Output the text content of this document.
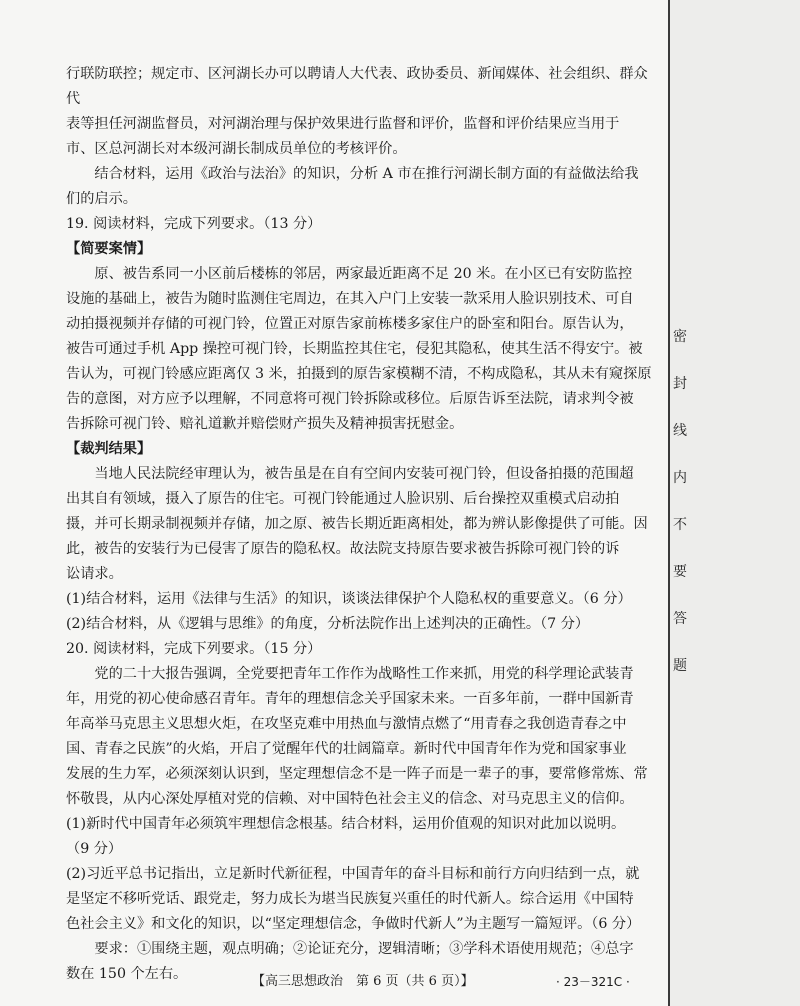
行联防联控；规定市、区河湖长办可以聘请人大代表、政协委员、新闻媒体、社会组织、群众代

表等担任河湖监督员，对河湖治理与保护效果进行监督和评价，监督和评价结果应当用于

市、区总河湖长对本级河湖长制成员单位的考核评价。

结合材料，运用《政治与法治》的知识，分析 A 市在推行河湖长制方面的有益做法给我

们的启示。

19. 阅读材料，完成下列要求。（13 分）

【简要案情】

原、被告系同一小区前后楼栋的邻居，两家最近距离不足 20 米。在小区已有安防监控

设施的基础上，被告为随时监测住宅周边，在其入户门上安装一款采用人脸识别技术、可自

动拍摄视频并存储的可视门铃，位置正对原告家前栋楼多家住户的卧室和阳台。原告认为，

被告可通过手机 App 操控可视门铃，长期监控其住宅，侵犯其隐私，使其生活不得安宁。被

告认为，可视门铃感应距离仅 3 米，拍摄到的原告家模糊不清，不构成隐私，其从未有窥探原

告的意图，对方应予以理解，不同意将可视门铃拆除或移位。后原告诉至法院，请求判令被

告拆除可视门铃、赔礼道歉并赔偿财产损失及精神损害抚慰金。

【裁判结果】

当地人民法院经审理认为，被告虽是在自有空间内安装可视门铃，但设备拍摄的范围超

出其自有领域，摄入了原告的住宅。可视门铃能通过人脸识别、后台操控双重模式启动拍

摄，并可长期录制视频并存储，加之原、被告长期近距离相处，都为辨认影像提供了可能。因

此，被告的安装行为已侵害了原告的隐私权。故法院支持原告要求被告拆除可视门铃的诉

讼请求。

(1)结合材料，运用《法律与生活》的知识，谈谈法律保护个人隐私权的重要意义。（6 分）

(2)结合材料，从《逻辑与思维》的角度，分析法院作出上述判决的正确性。（7 分）

20. 阅读材料，完成下列要求。（15 分）

党的二十大报告强调，全党要把青年工作作为战略性工作来抓，用党的科学理论武装青

年，用党的初心使命感召青年。青年的理想信念关乎国家未来。一百多年前，一群中国新青

年高举马克思主义思想火炬，在攻坚克难中用热血与激情点燃了“用青春之我创造青春之中

国、青春之民族”的火焰，开启了觉醒年代的壮阔篇章。新时代中国青年作为党和国家事业

发展的生力军，必须深刻认识到，坚定理想信念不是一阵子而是一辈子的事，要常修常炼、常

怀敬畏，从内心深处厚植对党的信赖、对中国特色社会主义的信念、对马克思主义的信仰。

(1)新时代中国青年必须筑牢理想信念根基。结合材料，运用价值观的知识对此加以说明。

（9 分）

(2)习近平总书记指出，立足新时代新征程，中国青年的奋斗目标和前行方向归结到一点，就

是坚定不移听党话、跟党走，努力成长为堪当民族复兴重任的时代新人。综合运用《中国特

色社会主义》和文化的知识，以“坚定理想信念，争做时代新人”为主题写一篇短评。（6 分）

要求：①围绕主题，观点明确；②论证充分，逻辑清晰；③学科术语使用规范；④总字

数在 150 个左右。	【高三思想政治　第 6 页（共 6 页）】	· 23－321C ·
密
封
线
内
不
要
答
题
